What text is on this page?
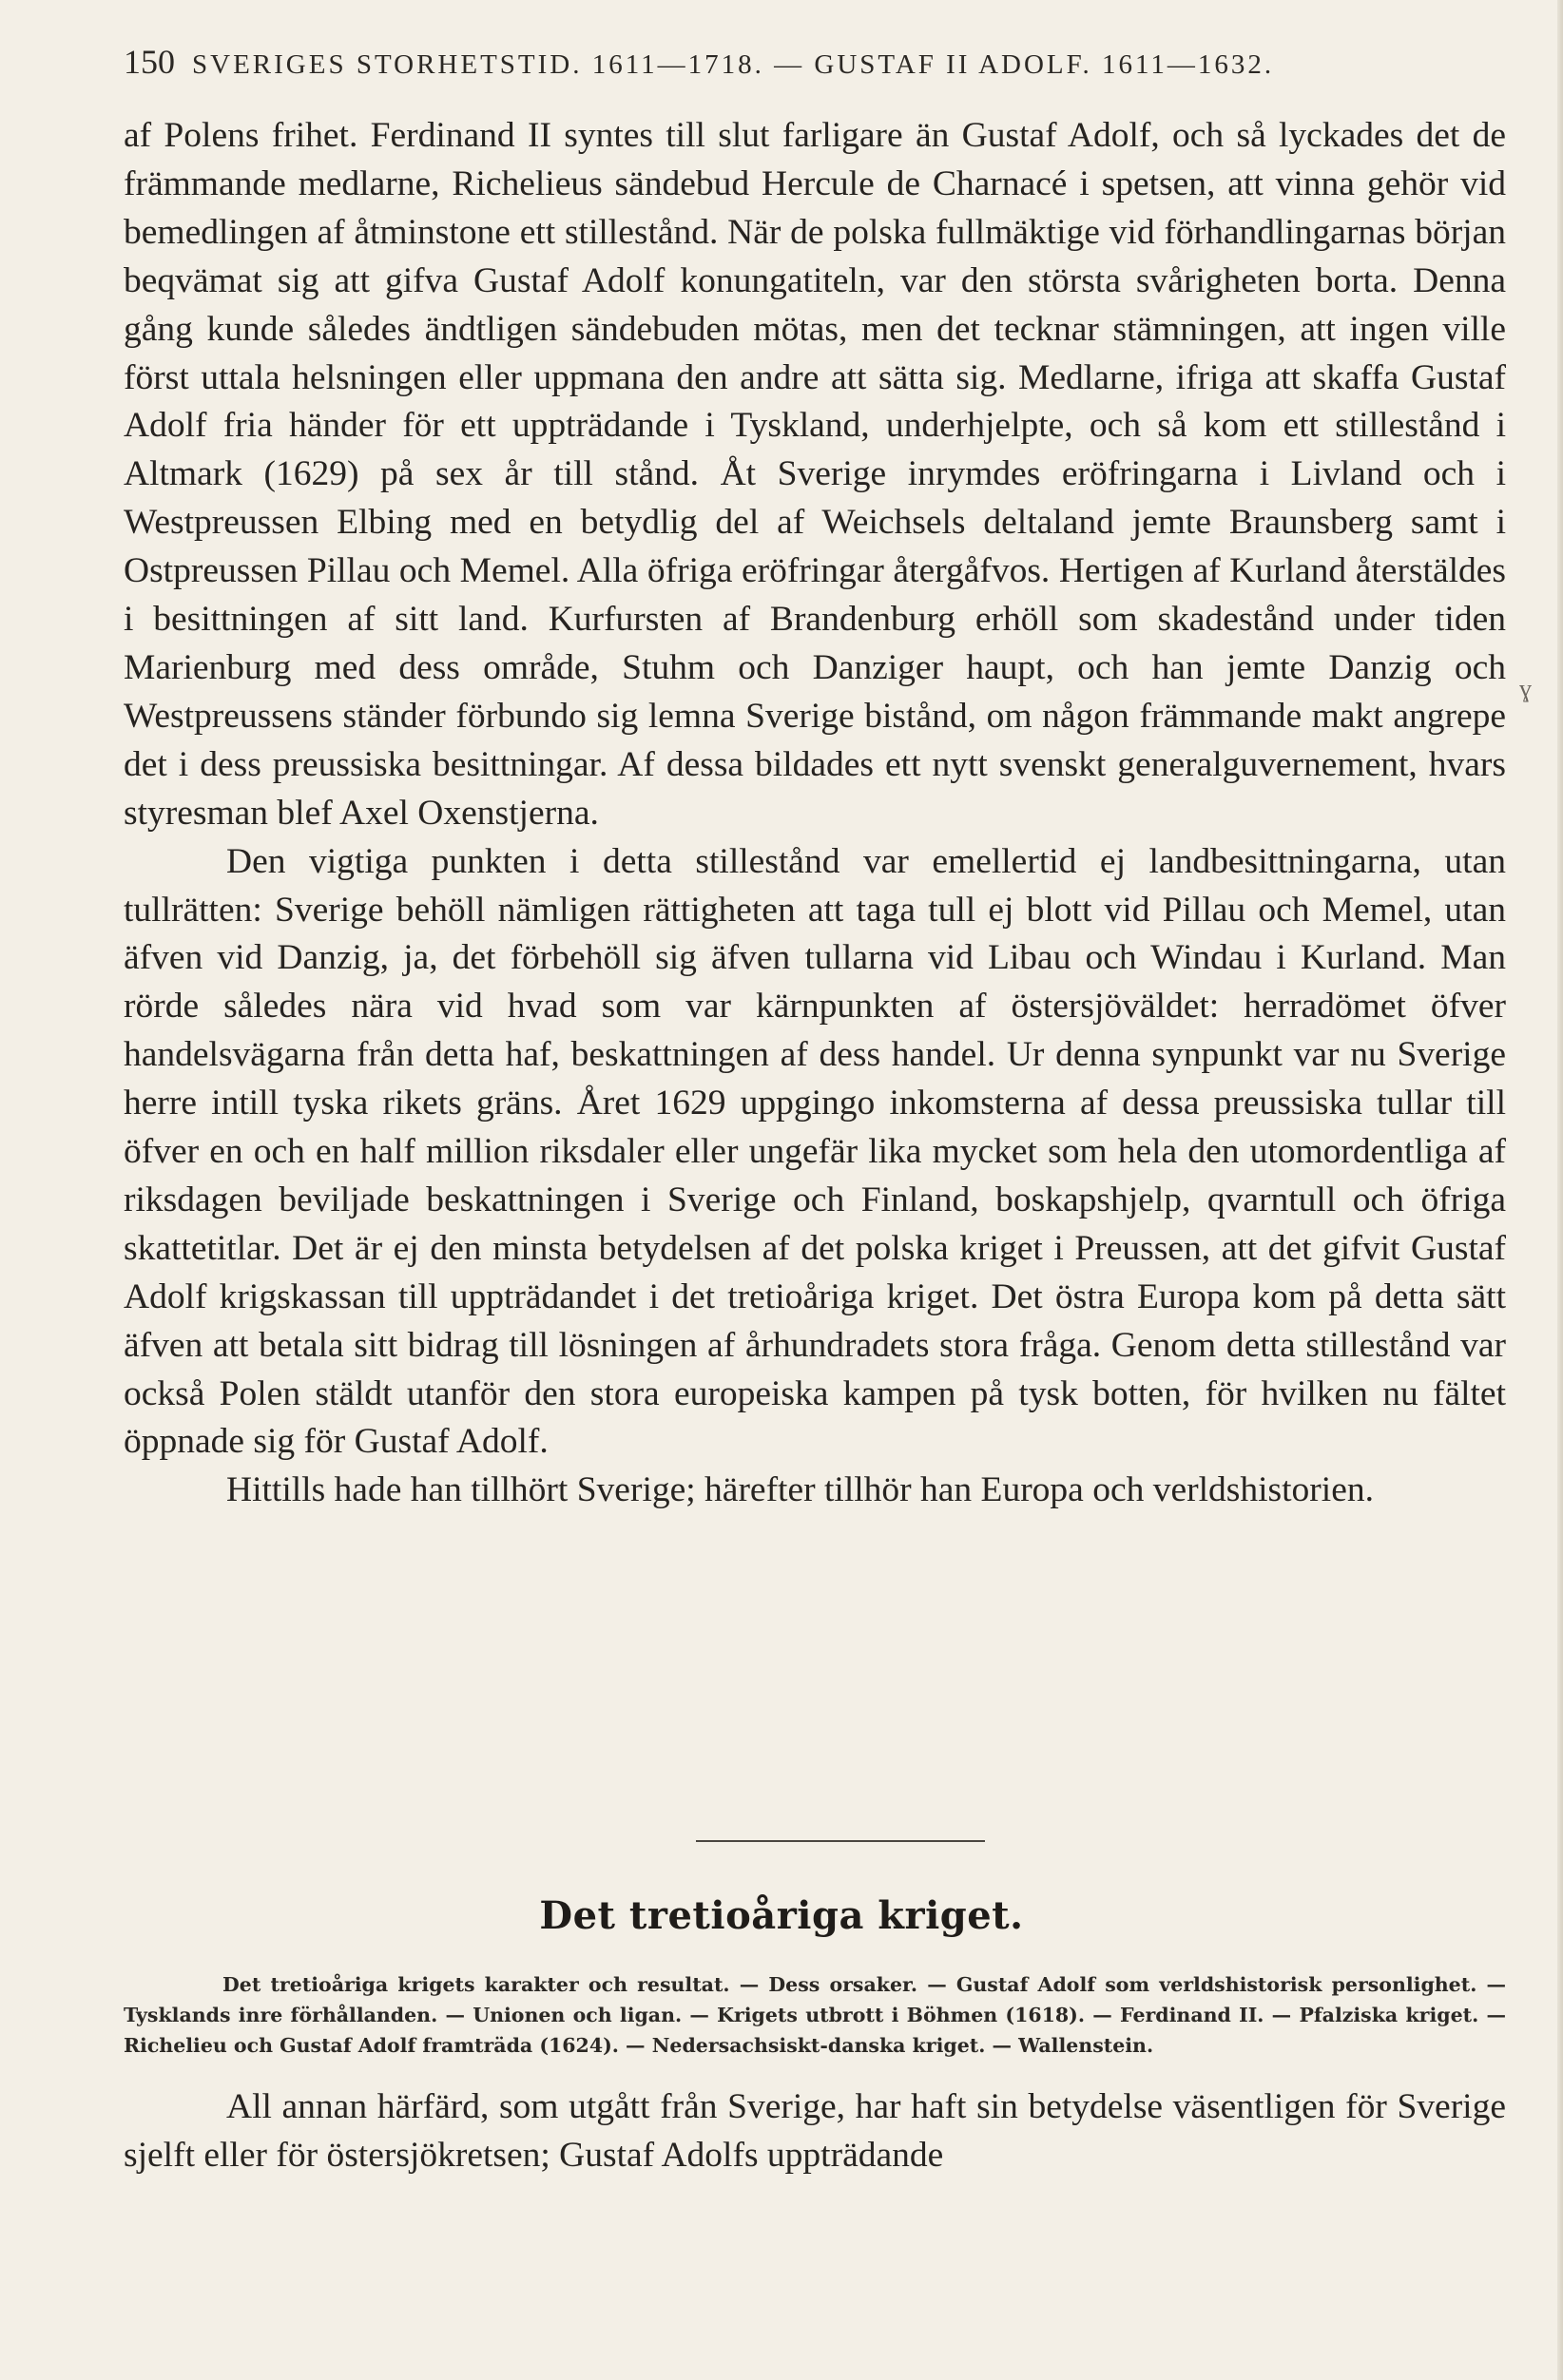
150 SVERIGES STORHETSTID. 1611—1718. — GUSTAF II ADOLF. 1611—1632.

af Polens frihet. Ferdinand II syntes till slut farligare än Gustaf Adolf, och så lyckades det de främmande medlarne, Richelieus sändebud Hercule de Charnacé i spetsen, att vinna gehör vid bemedlingen af åtminstone ett stillestånd. När de polska fullmäktige vid förhandlingarnas början beqvämat sig att gifva Gustaf Adolf konungatiteln, var den största svårigheten borta. Denna gång kunde således ändtligen sändebuden mötas, men det tecknar stämningen, att ingen ville först uttala helsningen eller uppmana den andre att sätta sig. Medlarne, ifriga att skaffa Gustaf Adolf fria händer för ett uppträdande i Tyskland, underhjelpte, och så kom ett stillestånd i Altmark (1629) på sex år till stånd. Åt Sverige inrymdes eröfringarna i Livland och i Westpreussen Elbing med en betydlig del af Weichsels deltaland jemte Braunsberg samt i Ostpreussen Pillau och Memel. Alla öfriga eröfringar återgåfvos. Hertigen af Kurland återstäldes i besittningen af sitt land. Kurfursten af Brandenburg erhöll som skadestånd under tiden Marienburg med dess område, Stuhm och Danziger haupt, och han jemte Danzig och Westpreussens ständer förbundo sig lemna Sverige bistånd, om någon främmande makt angrepe det i dess preussiska besittningar. Af dessa bildades ett nytt svenskt generalguvernement, hvars styresman blef Axel Oxenstjerna.

Den vigtiga punkten i detta stillestånd var emellertid ej landbesittningarna, utan tullrätten: Sverige behöll nämligen rättigheten att taga tull ej blott vid Pillau och Memel, utan äfven vid Danzig, ja, det förbehöll sig äfven tullarna vid Libau och Windau i Kurland. Man rörde således nära vid hvad som var kärnpunkten af östersjöväldet: herradömet öfver handelsvägarna från detta haf, beskattningen af dess handel. Ur denna synpunkt var nu Sverige herre intill tyska rikets gräns. Året 1629 uppgingo inkomsterna af dessa preussiska tullar till öfver en och en half million riksdaler eller ungefär lika mycket som hela den utomordentliga af riksdagen beviljade beskattningen i Sverige och Finland, boskapshjelp, qvarntull och öfriga skattetitlar. Det är ej den minsta betydelsen af det polska kriget i Preussen, att det gifvit Gustaf Adolf krigskassan till uppträdandet i det tretioåriga kriget. Det östra Europa kom på detta sätt äfven att betala sitt bidrag till lösningen af århundradets stora fråga. Genom detta stillestånd var också Polen stäldt utanför den stora europeiska kampen på tysk botten, för hvilken nu fältet öppnade sig för Gustaf Adolf.

Hittills hade han tillhört Sverige; härefter tillhör han Europa och verldshistorien.

ɣ
Det tretioåriga kriget.

Det tretioåriga krigets karakter och resultat. — Dess orsaker. — Gustaf Adolf som verldshistorisk personlighet. — Tysklands inre förhållanden. — Unionen och ligan. — Krigets utbrott i Böhmen (1618). — Ferdinand II. — Pfalziska kriget. — Richelieu och Gustaf Adolf framträda (1624). — Nedersachsiskt-danska kriget. — Wallenstein.

All annan härfärd, som utgått från Sverige, har haft sin betydelse väsentligen för Sverige sjelft eller för östersjökretsen; Gustaf Adolfs uppträdande
